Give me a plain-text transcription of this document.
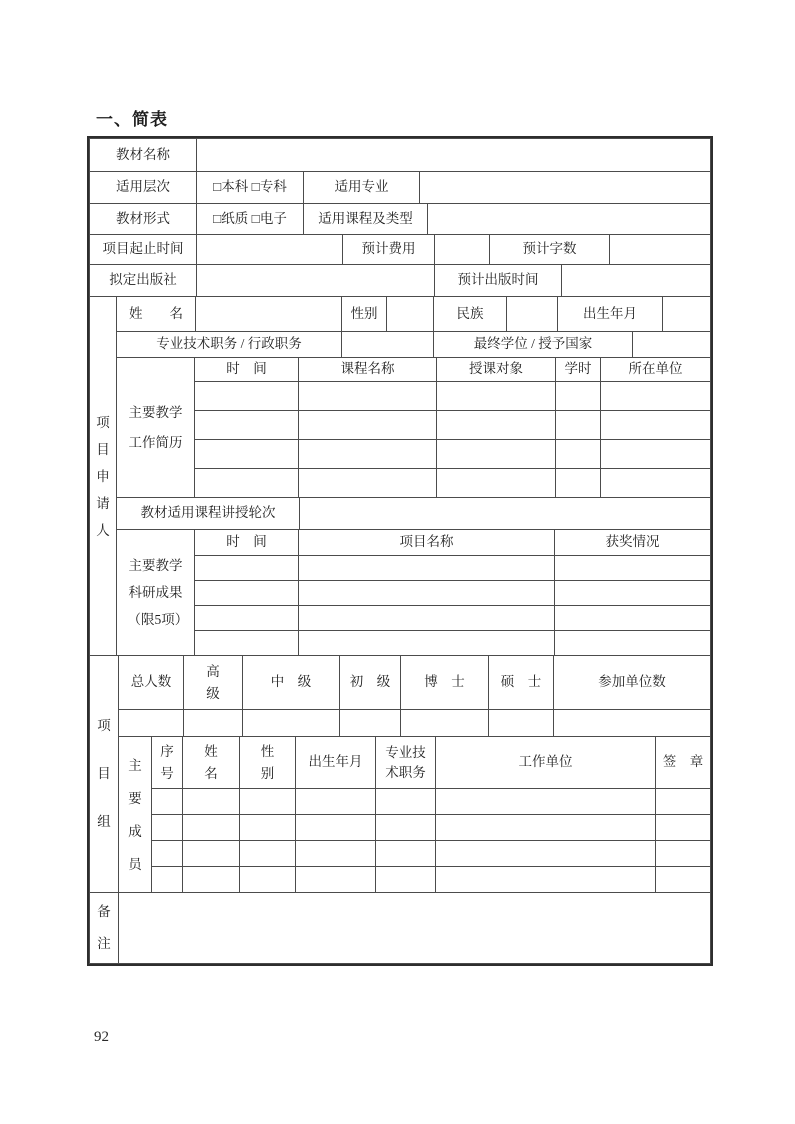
一、简表
教材名称	
适用层次	□本科 □专科	适用专业	
教材形式	□纸质 □电子	适用课程及类型	
项目起止时间		预计费用		预计字数	
拟定出版社		预计出版时间	
项目申请人
姓　　名		性别		民族		出生年月	
专业技术职务 / 行政职务		最终学位 / 授予国家	
主要教学工作简历
时　间	课程名称	授课对象	学时	所在单位

教材适用课程讲授轮次	
主要教学科研成果（限5项）
时　间	项目名称	获奖情况

项目组
总人数	高级	中　级	初　级	博　士	硕　士	参加单位数

主要成员
序号	姓名	性别	出生年月	专业技术职务	工作单位	签　章

备注
92
